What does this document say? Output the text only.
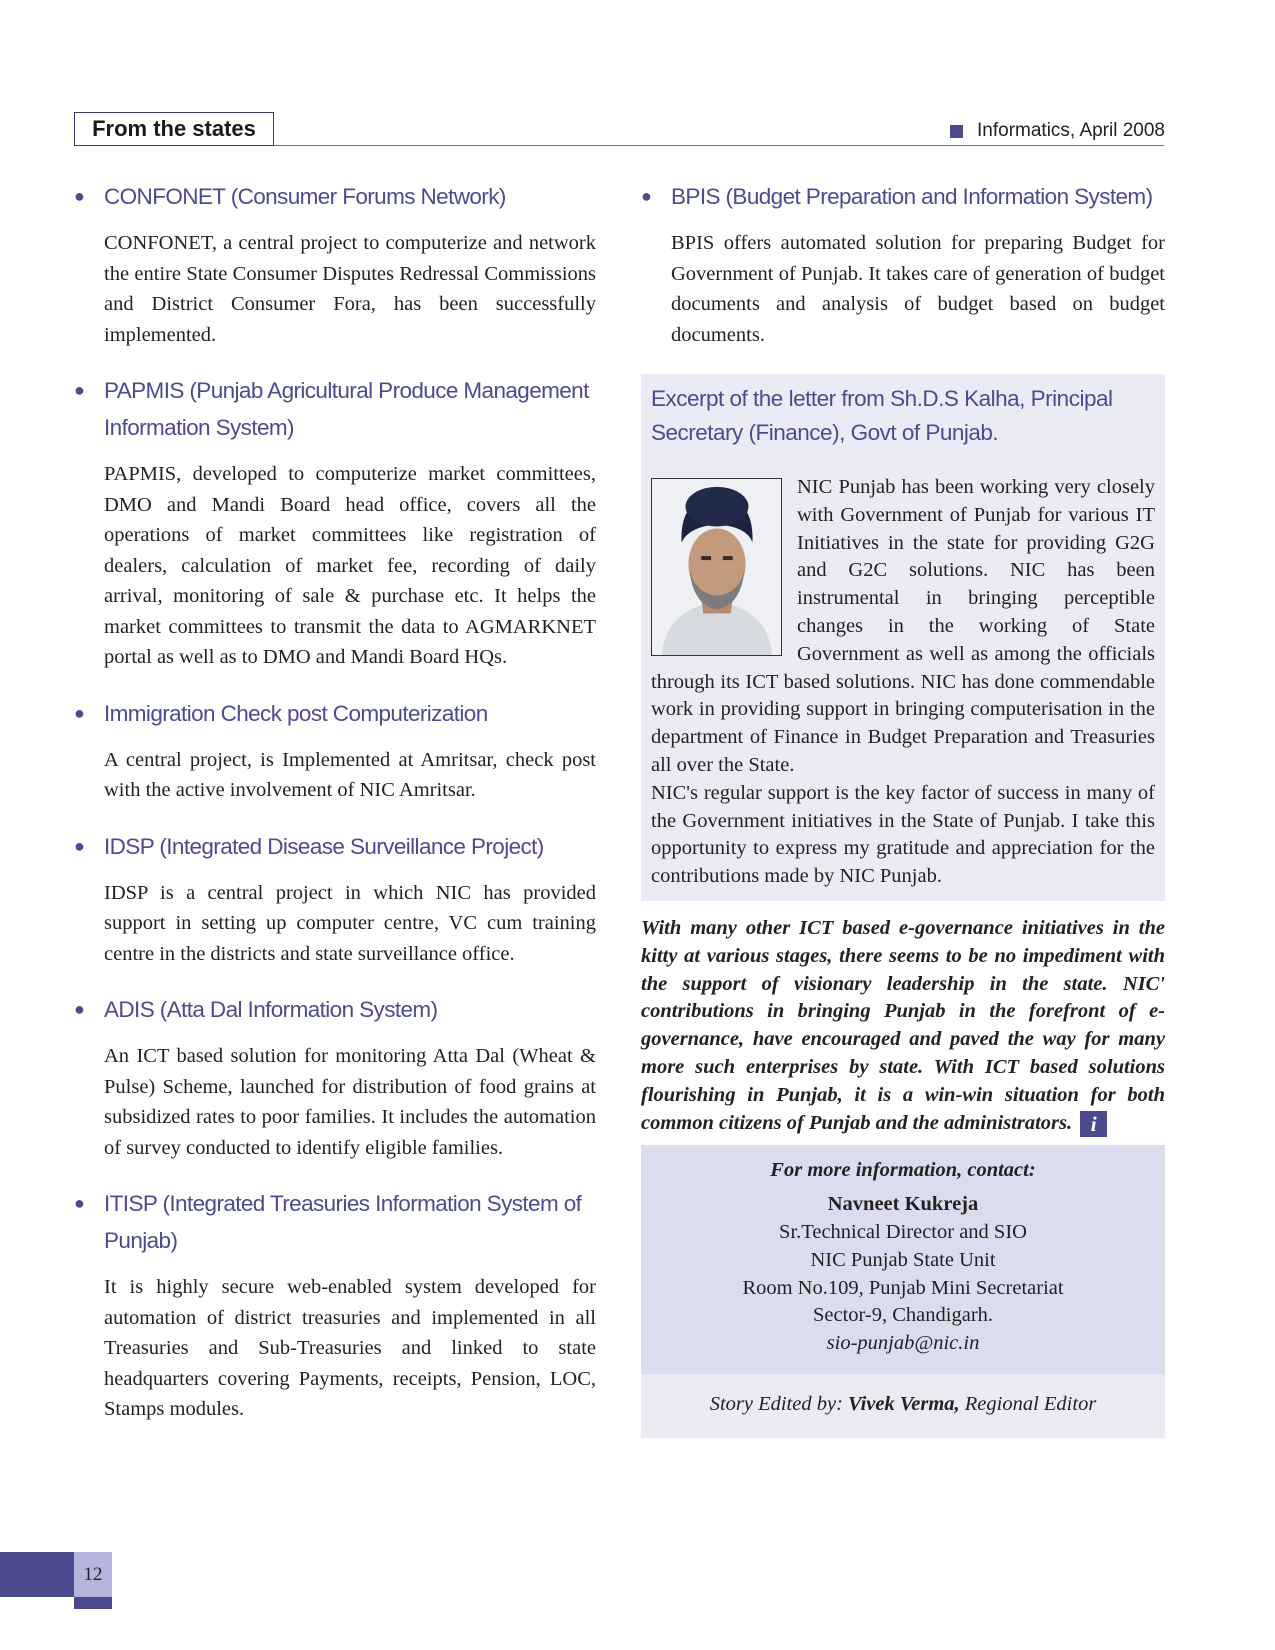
From the states	Informatics, April 2008
● CONFONET (Consumer Forums Network)

CONFONET, a central project to computerize and network the entire State Consumer Disputes Redressal Commissions and District Consumer Fora, has been successfully implemented.

● PAPMIS (Punjab Agricultural Produce Management Information System)

PAPMIS, developed to computerize market committees, DMO and Mandi Board head office, covers all the operations of market committees like registration of dealers, calculation of market fee, recording of daily arrival, monitoring of sale & purchase etc. It helps the market committees to transmit the data to AGMARKNET portal as well as to DMO and Mandi Board HQs.

● Immigration Check post Computerization

A central project, is Implemented at Amritsar, check post with the active involvement of NIC Amritsar.

● IDSP (Integrated Disease Surveillance Project)

IDSP is a central project in which NIC has provided support in setting up computer centre, VC cum training centre in the districts and state surveillance office.

● ADIS (Atta Dal Information System)

An ICT based solution for monitoring Atta Dal (Wheat & Pulse) Scheme, launched for distribution of food grains at subsidized rates to poor families. It includes the automation of survey conducted to identify eligible families.

● ITISP (Integrated Treasuries Information System of Punjab)

It is highly secure web-enabled system developed for automation of district treasuries and implemented in all Treasuries and Sub-Treasuries and linked to state headquarters covering Payments, receipts, Pension, LOC, Stamps modules.

● BPIS (Budget Preparation and Information System)

BPIS offers automated solution for preparing Budget for Government of Punjab. It takes care of generation of budget documents and analysis of budget based on budget documents.

Excerpt of the letter from Sh.D.S Kalha, Principal Secretary (Finance), Govt of Punjab.

NIC Punjab has been working very closely with Government of Punjab for various IT Initiatives in the state for providing G2G and G2C solutions. NIC has been instrumental in bringing perceptible changes in the working of State Government as well as among the officials through its ICT based solutions. NIC has done commendable work in providing support in bringing computerisation in the department of Finance in Budget Preparation and Treasuries all over the State.

NIC's regular support is the key factor of success in many of the Government initiatives in the State of Punjab. I take this opportunity to express my gratitude and appreciation for the contributions made by NIC Punjab.

With many other ICT based e-governance initiatives in the kitty at various stages, there seems to be no impediment with the support of visionary leadership in the state. NIC' contributions in bringing Punjab in the forefront of e-governance, have encouraged and paved the way for many more such enterprises by state. With ICT based solutions flourishing in Punjab, it is a win-win situation for both common citizens of Punjab and the administrators. i
For more information, contact:
Navneet Kukreja
Sr.Technical Director and SIO
NIC Punjab State Unit
Room No.109, Punjab Mini Secretariat
Sector-9, Chandigarh.
sio-punjab@nic.in
Story Edited by: Vivek Verma, Regional Editor
12
